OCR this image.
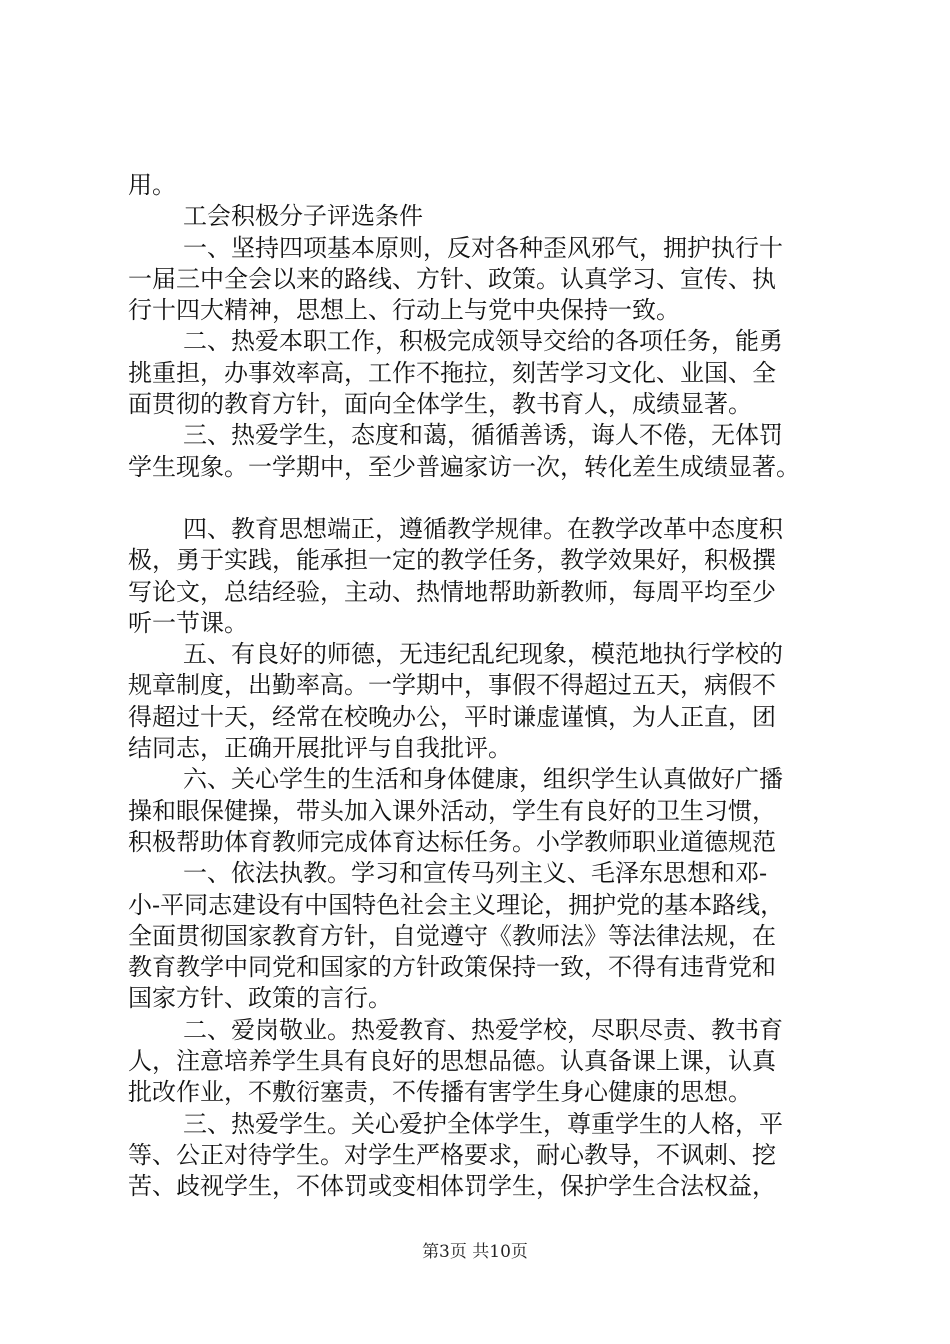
用。
工会积极分子评选条件
一、坚持四项基本原则，反对各种歪风邪气，拥护执行十
一届三中全会以来的路线、方针、政策。认真学习、宣传、执
行十四大精神，思想上、行动上与党中央保持一致。
二、热爱本职工作，积极完成领导交给的各项任务，能勇
挑重担，办事效率高，工作不拖拉，刻苦学习文化、业国、全
面贯彻的教育方针，面向全体学生，教书育人，成绩显著。
三、热爱学生，态度和蔼，循循善诱，诲人不倦，无体罚
学生现象。一学期中，至少普遍家访一次，转化差生成绩显著。
四、教育思想端正，遵循教学规律。在教学改革中态度积
极，勇于实践，能承担一定的教学任务，教学效果好，积极撰
写论文，总结经验，主动、热情地帮助新教师，每周平均至少
听一节课。
五、有良好的师德，无违纪乱纪现象，模范地执行学校的
规章制度，出勤率高。一学期中，事假不得超过五天，病假不
得超过十天，经常在校晚办公，平时谦虚谨慎，为人正直，团
结同志，正确开展批评与自我批评。
六、关心学生的生活和身体健康，组织学生认真做好广播
操和眼保健操，带头加入课外活动，学生有良好的卫生习惯，
积极帮助体育教师完成体育达标任务。小学教师职业道德规范
一、依法执教。学习和宣传马列主义、毛泽东思想和邓-
小-平同志建设有中国特色社会主义理论，拥护党的基本路线，
全面贯彻国家教育方针，自觉遵守《教师法》等法律法规，在
教育教学中同党和国家的方针政策保持一致，不得有违背党和
国家方针、政策的言行。
二、爱岗敬业。热爱教育、热爱学校，尽职尽责、教书育
人，注意培养学生具有良好的思想品德。认真备课上课，认真
批改作业，不敷衍塞责，不传播有害学生身心健康的思想。
三、热爱学生。关心爱护全体学生，尊重学生的人格，平
等、公正对待学生。对学生严格要求，耐心教导，不讽刺、挖
苦、歧视学生，不体罚或变相体罚学生，保护学生合法权益，
第3页 共10页
